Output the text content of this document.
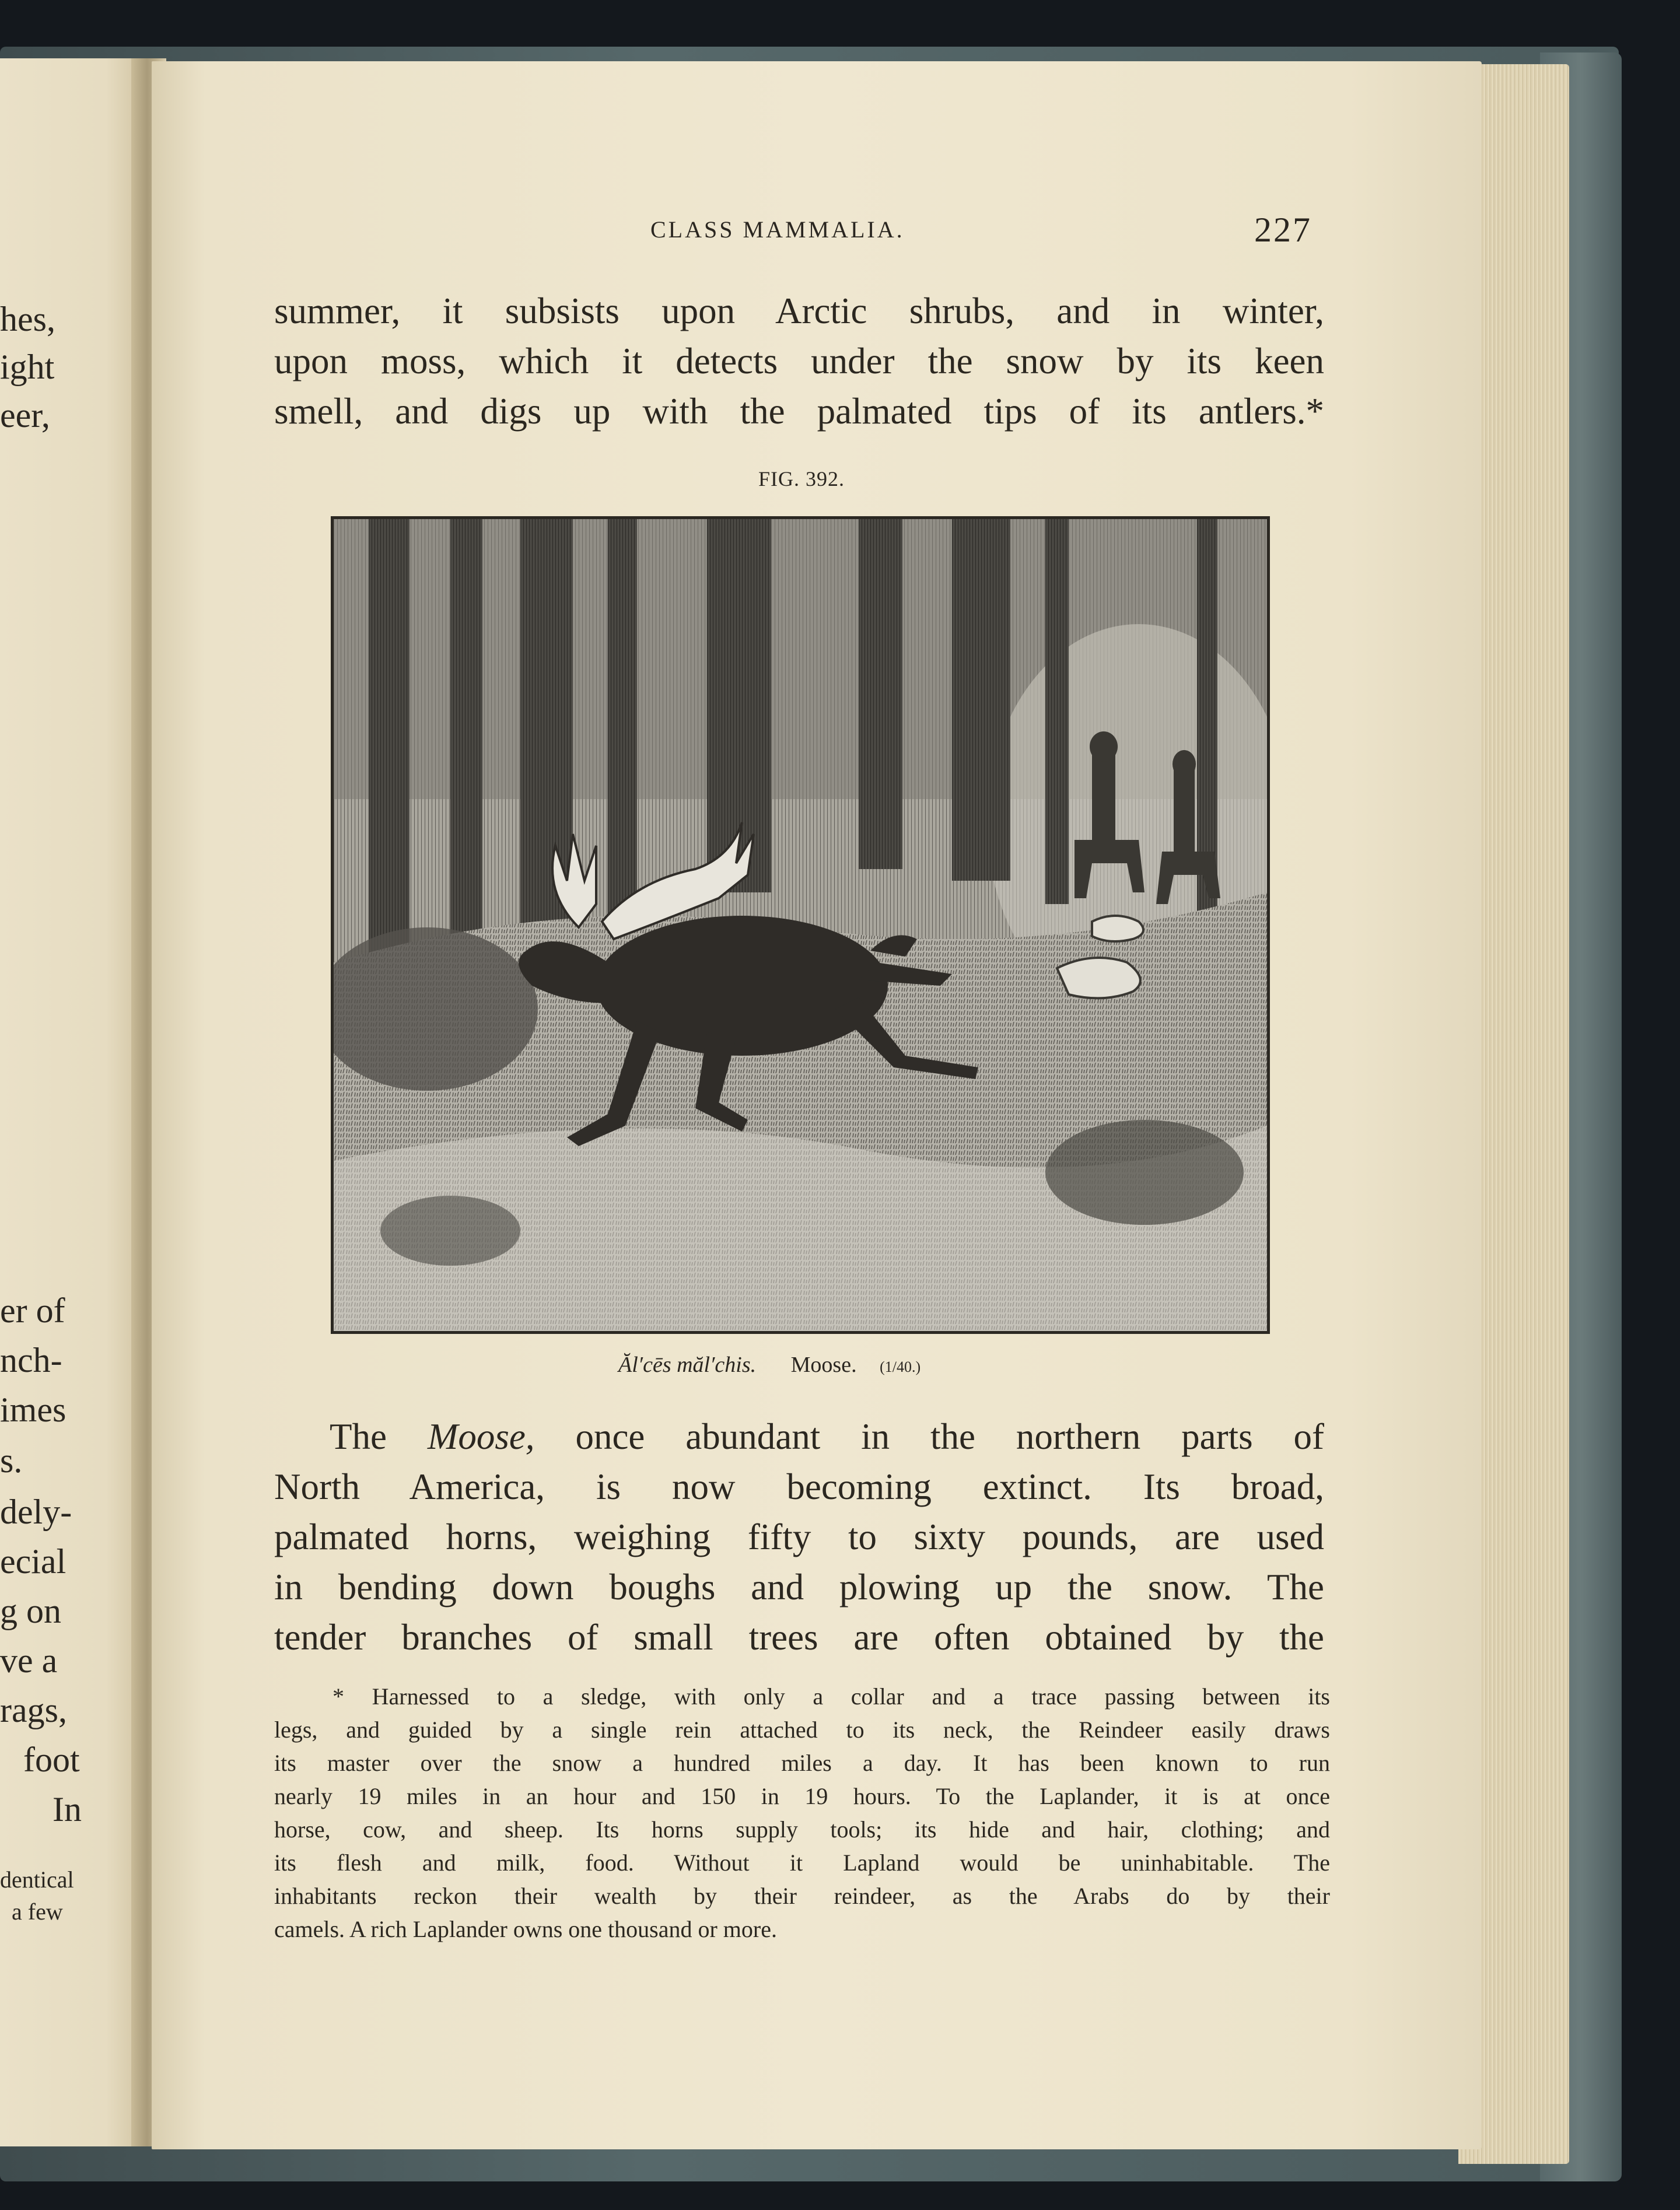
hes,
ight
eer,
er of
nch-
imes
s.
dely-
ecial
g on
ve a
rags,
foot
In
dentical
a few
CLASS MAMMALIA.	227
summer, it subsists upon Arctic shrubs, and in winter,
upon moss, which it detects under the snow by its keen
smell, and digs up with the palmated tips of its antlers.*
FIG. 392.
Ăl′cēs măl′chis. Moose. (1/40.)
The Moose, once abundant in the northern parts of
North America, is now becoming extinct. Its broad,
palmated horns, weighing fifty to sixty pounds, are used
in bending down boughs and plowing up the snow. The
tender branches of small trees are often obtained by the
* Harnessed to a sledge, with only a collar and a trace passing between its
legs, and guided by a single rein attached to its neck, the Reindeer easily draws
its master over the snow a hundred miles a day. It has been known to run
nearly 19 miles in an hour and 150 in 19 hours. To the Laplander, it is at once
horse, cow, and sheep. Its horns supply tools; its hide and hair, clothing; and
its flesh and milk, food. Without it Lapland would be uninhabitable. The
inhabitants reckon their wealth by their reindeer, as the Arabs do by their
camels. A rich Laplander owns one thousand or more.
